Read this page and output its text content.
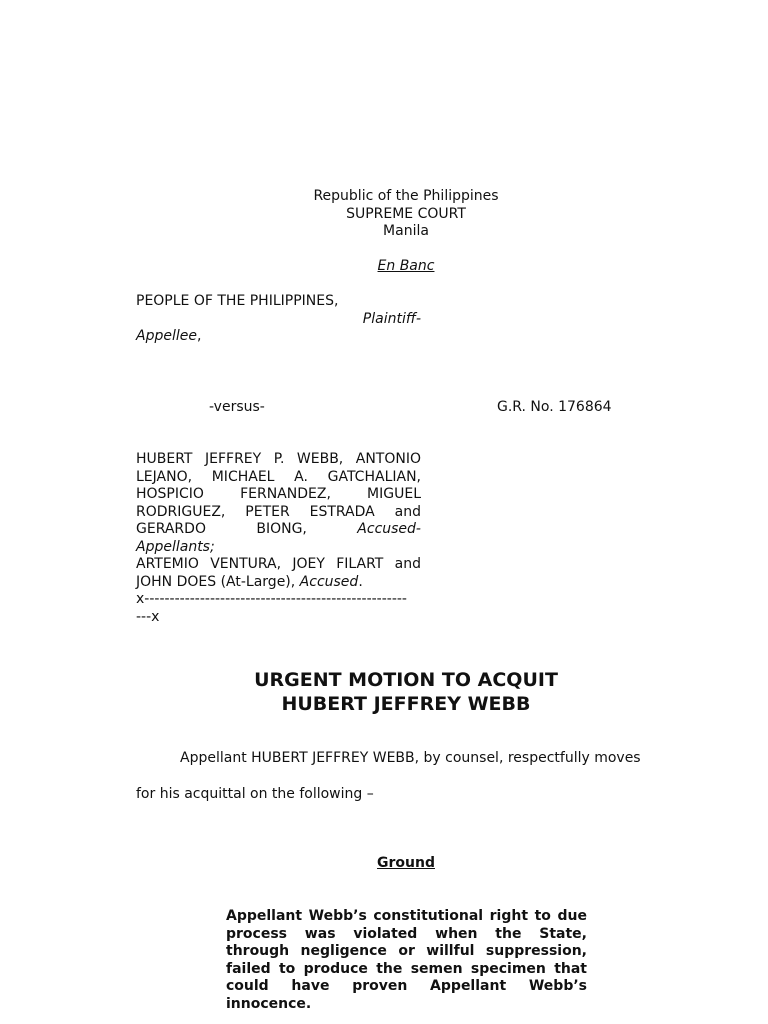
Republic of the Philippines
SUPREME COURT
Manila
En Banc
PEOPLE OF THE PHILIPPINES,
Plaintiff-
Appellee,
-versus-	G.R. No. 176864
HUBERT JEFFREY P. WEBB, ANTONIO
LEJANO, MICHAEL A. GATCHALIAN,
HOSPICIO FERNANDEZ, MIGUEL
RODRIGUEZ, PETER ESTRADA and
GERARDO BIONG,	Accused-
Appellants;
ARTEMIO VENTURA, JOEY FILART and
JOHN DOES (At-Large), Accused.
x----------------------------------------------------
---x
URGENT MOTION TO ACQUIT
HUBERT JEFFREY WEBB
Appellant HUBERT JEFFREY WEBB, by counsel, respectfully moves
for his acquittal on the following –
Ground
Appellant Webb’s constitutional right to due process was violated when the State, through negligence or willful suppression, failed to produce the semen specimen that could have proven Appellant Webb’s innocence.
